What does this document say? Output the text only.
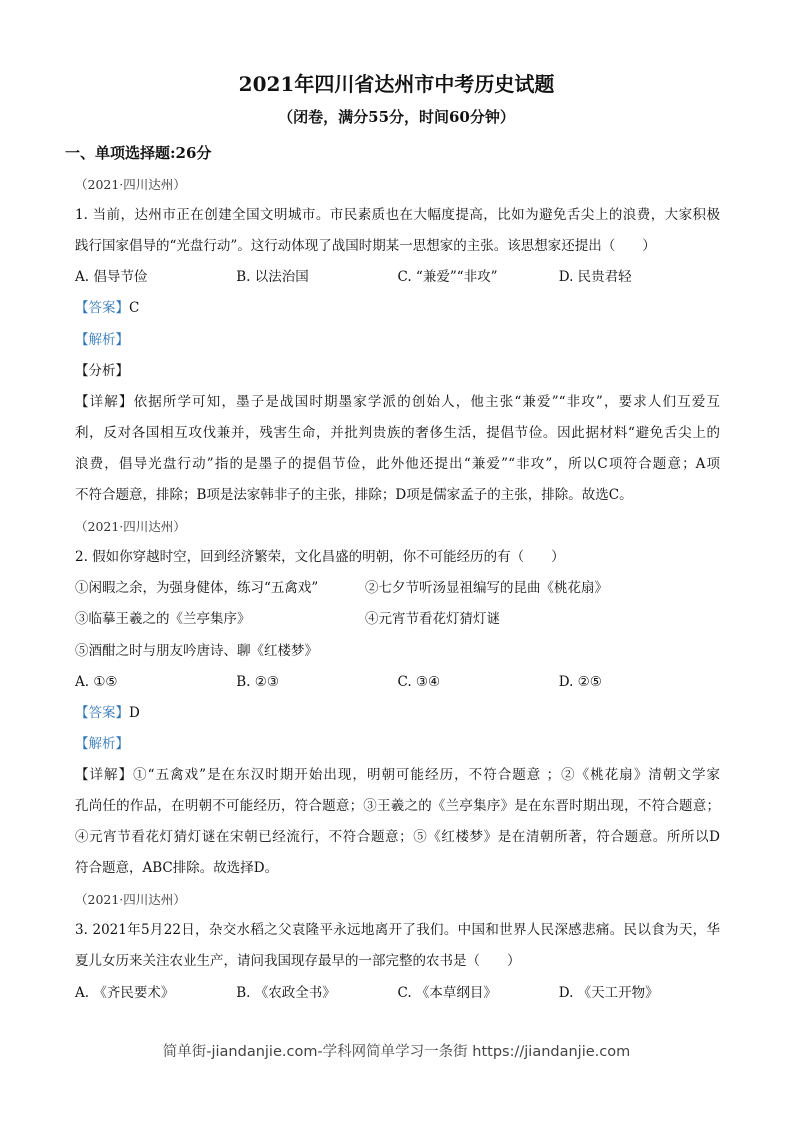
2021年四川省达州市中考历史试题
（闭卷，满分55分，时间60分钟）
一、单项选择题:26分
（2021·四川达州）
1. 当前，达州市正在创建全国文明城市。市民素质也在大幅度提高，比如为避免舌尖上的浪费，大家积极
践行国家倡导的“光盘行动”。这行动体现了战国时期某一思想家的主张。该思想家还提出（　　）
A. 倡导节俭	B. 以法治国	C. “兼爱”“非攻”	D. 民贵君轻
【答案】C
【解析】
【分析】
【详解】依据所学可知，墨子是战国时期墨家学派的创始人，他主张“兼爱”“非攻”，要求人们互爱互
利，反对各国相互攻伐兼并，残害生命，并批判贵族的奢侈生活，提倡节俭。因此据材料“避免舌尖上的
浪费，倡导光盘行动”指的是墨子的提倡节俭，此外他还提出“兼爱”“非攻”，所以C项符合题意；A项
不符合题意，排除；B项是法家韩非子的主张，排除；D项是儒家孟子的主张，排除。故选C。
（2021·四川达州）
2. 假如你穿越时空，回到经济繁荣，文化昌盛的明朝，你不可能经历的有（　　）
①闲暇之余，为强身健体，练习“五禽戏”	②七夕节听汤显祖编写的昆曲《桃花扇》
③临摹王羲之的《兰亭集序》	④元宵节看花灯猜灯谜
⑤酒酣之时与朋友吟唐诗、聊《红楼梦》
A. ①⑤	B. ②③	C. ③④	D. ②⑤
【答案】D
【解析】
【详解】①“五禽戏”是在东汉时期开始出现，明朝可能经历，不符合题意 ；②《桃花扇》清朝文学家
孔尚任的作品，在明朝不可能经历，符合题意；③王羲之的《兰亭集序》是在东晋时期出现，不符合题意；
④元宵节看花灯猜灯谜在宋朝已经流行，不符合题意；⑤《红楼梦》是在清朝所著，符合题意。所所以D
符合题意，ABC排除。故选择D。
（2021·四川达州）
3. 2021年5月22日，杂交水稻之父袁隆平永远地离开了我们。中国和世界人民深感悲痛。民以食为天，华
夏儿女历来关注农业生产，请问我国现存最早的一部完整的农书是（　　）
A. 《齐民要术》	B. 《农政全书》	C. 《本草纲目》	D. 《天工开物》
简单街-jiandanjie.com-学科网简单学习一条街 https://jiandanjie.com
